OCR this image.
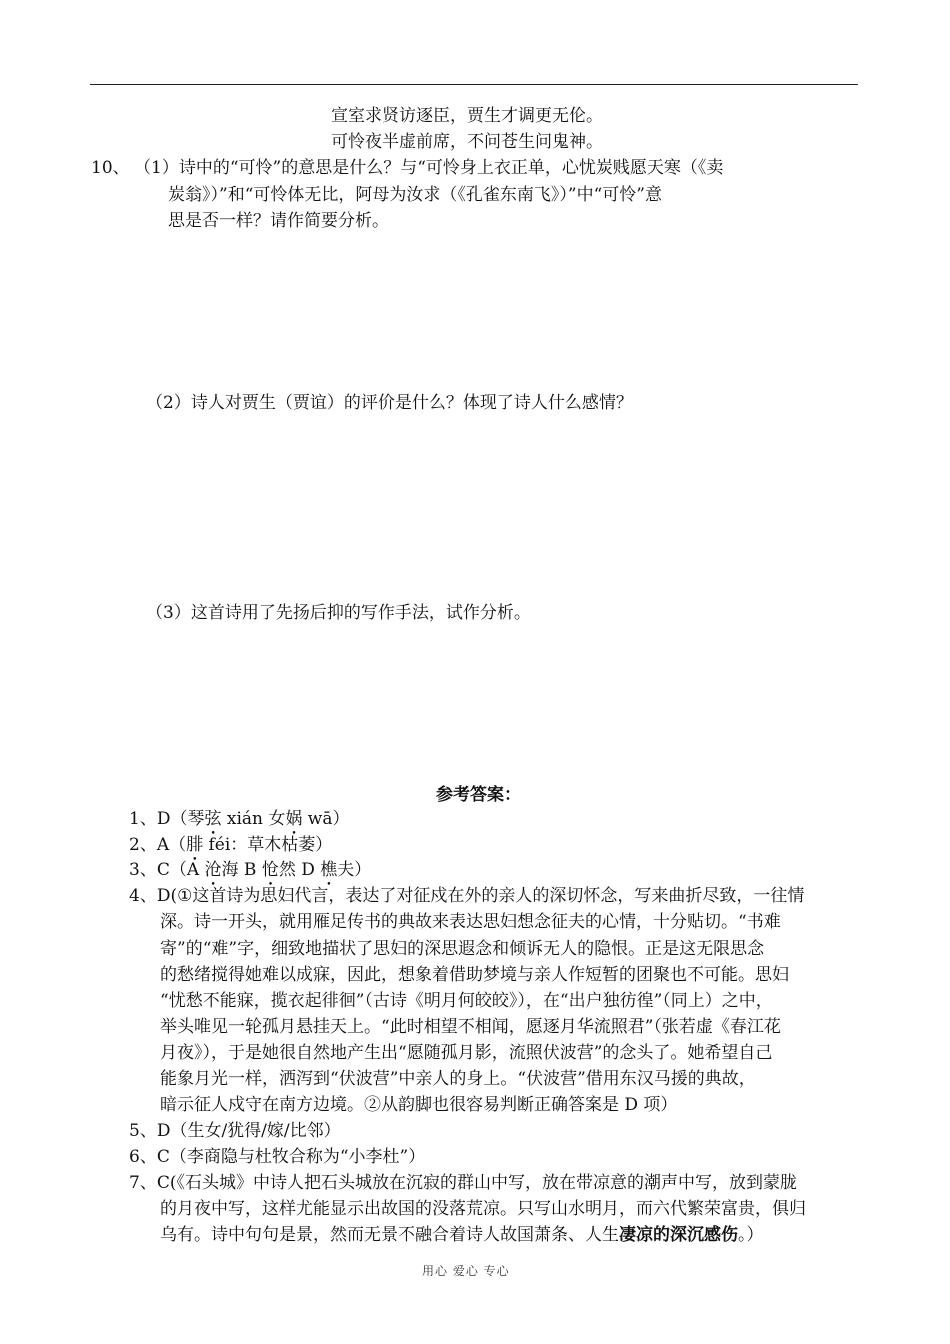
宣室求贤访逐臣，贾生才调更无伦。
可怜夜半虚前席，不问苍生问鬼神。
10、 （1）诗中的“可怜”的意思是什么？与“可怜身上衣正单，心忧炭贱愿天寒（《卖
炭翁》）”和“可怜体无比，阿母为汝求（《孔雀东南飞》）”中“可怜”意
思是否一样？请作简要分析。
（2）诗人对贾生（贾谊）的评价是什么？体现了诗人什么感情？
（3）这首诗用了先扬后抑的写作手法，试作分析。
参考答案：
1、D（琴弦 xián 女娲 wā）
2、A（腓 féi：草木枯萎）
3、C（A 沧海 B 怆然 D 樵夫）
4、D(①这首诗为思妇代言，表达了对征戍在外的亲人的深切怀念，写来曲折尽致，一往情
深。诗一开头，就用雁足传书的典故来表达思妇想念征夫的心情，十分贴切。“书难
寄”的“难”字，细致地描状了思妇的深思遐念和倾诉无人的隐恨。正是这无限思念
的愁绪搅得她难以成寐，因此，想象着借助梦境与亲人作短暂的团聚也不可能。思妇
“忧愁不能寐，揽衣起徘徊”（古诗《明月何皎皎》），在“出户独彷徨”（同上）之中，
举头唯见一轮孤月悬挂天上。“此时相望不相闻，愿逐月华流照君”（张若虚《春江花
月夜》），于是她很自然地产生出“愿随孤月影，流照伏波营”的念头了。她希望自己
能象月光一样，洒泻到“伏波营”中亲人的身上。“伏波营”借用东汉马援的典故，
暗示征人戍守在南方边境。②从韵脚也很容易判断正确答案是 D 项）
5、D（生女/犹得/嫁/比邻）
6、C（李商隐与杜牧合称为“小李杜”）
7、C(《石头城》中诗人把石头城放在沉寂的群山中写，放在带凉意的潮声中写，放到蒙胧
的月夜中写，这样尤能显示出故国的没落荒凉。只写山水明月，而六代繁荣富贵，俱归
乌有。诗中句句是景，然而无景不融合着诗人故国萧条、人生凄凉的深沉感伤。）
用心 爱心 专心
